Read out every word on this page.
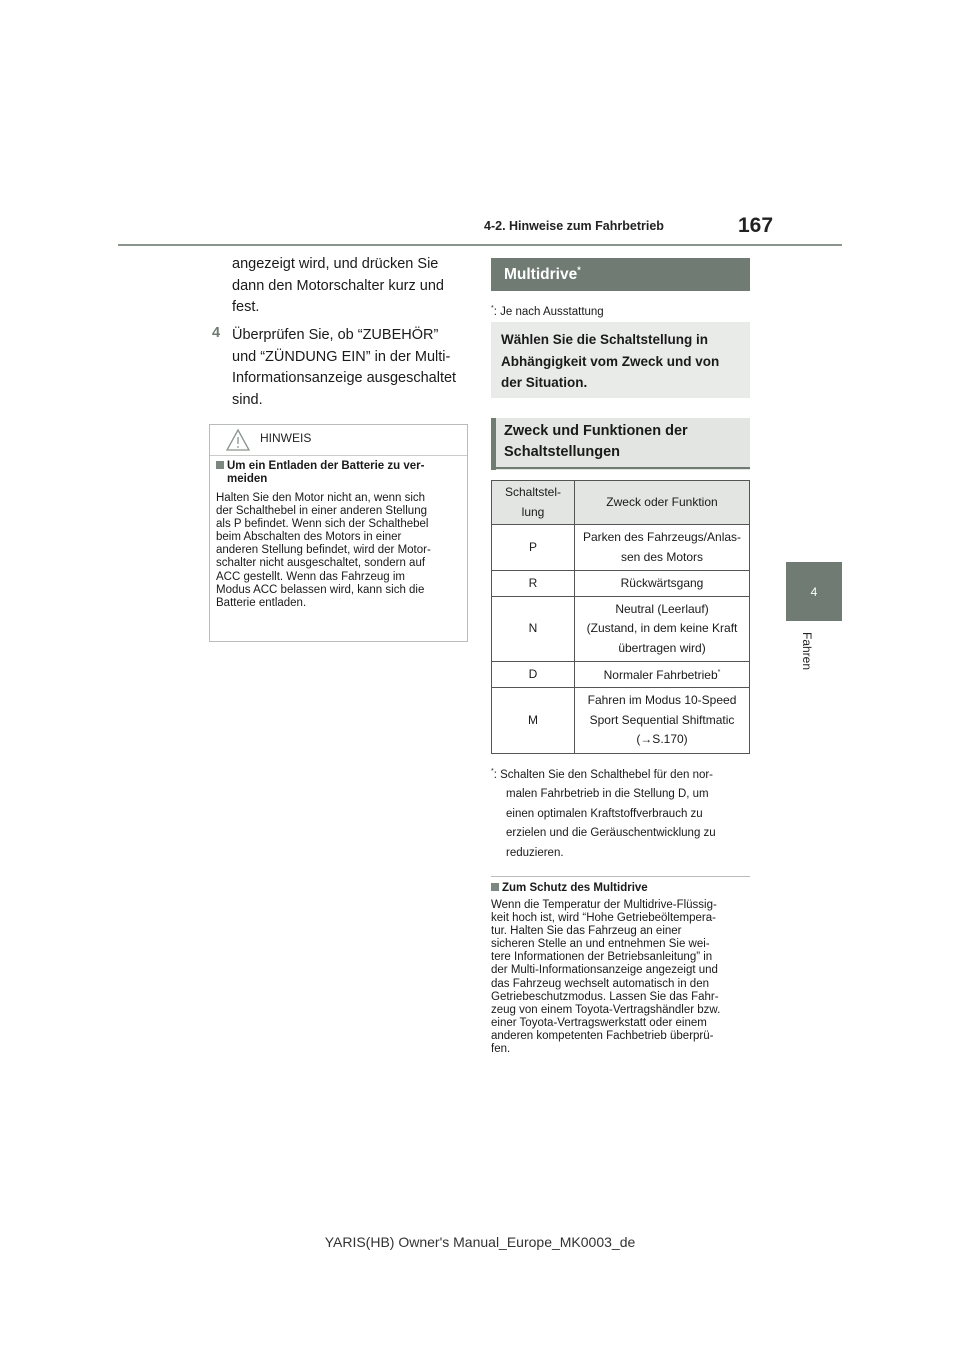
4-2. Hinweise zum Fahrbetrieb	167
4
Fahren
angezeigt wird, und drücken Sie
dann den Motorschalter kurz und
fest.
4 Überprüfen Sie, ob “ZUBEHÖR”
und “ZÜNDUNG EIN” in der Multi-
Informationsanzeige ausgeschaltet
sind.
HINWEIS
Um ein Entladen der Batterie zu ver-
meiden
Halten Sie den Motor nicht an, wenn sich
der Schalthebel in einer anderen Stellung
als P befindet. Wenn sich der Schalthebel
beim Abschalten des Motors in einer
anderen Stellung befindet, wird der Motor-
schalter nicht ausgeschaltet, sondern auf
ACC gestellt. Wenn das Fahrzeug im
Modus ACC belassen wird, kann sich die
Batterie entladen.
Multidrive*
*: Je nach Ausstattung
Wählen Sie die Schaltstellung in
Abhängigkeit vom Zweck und von
der Situation.
Zweck und Funktionen der
Schaltstellungen
Schaltstel-
lung	Zweck oder Funktion
P	Parken des Fahrzeugs/Anlas-
sen des Motors

R	Rückwärtsgang

N	Neutral (Leerlauf)
(Zustand, in dem keine Kraft
übertragen wird)

D	Normaler Fahrbetrieb*

M	Fahren im Modus 10-Speed
Sport Sequential Shiftmatic
(→S.170)
*: Schalten Sie den Schalthebel für den nor-
malen Fahrbetrieb in die Stellung D, um
einen optimalen Kraftstoffverbrauch zu
erzielen und die Geräuschentwicklung zu
reduzieren.
Zum Schutz des Multidrive
Wenn die Temperatur der Multidrive-Flüssig-
keit hoch ist, wird “Hohe Getriebeöltempera-
tur. Halten Sie das Fahrzeug an einer
sicheren Stelle an und entnehmen Sie wei-
tere Informationen der Betriebsanleitung” in
der Multi-Informationsanzeige angezeigt und
das Fahrzeug wechselt automatisch in den
Getriebeschutzmodus. Lassen Sie das Fahr-
zeug von einem Toyota-Vertragshändler bzw.
einer Toyota-Vertragswerkstatt oder einem
anderen kompetenten Fachbetrieb überprü-
fen.
YARIS(HB) Owner's Manual_Europe_MK0003_de
